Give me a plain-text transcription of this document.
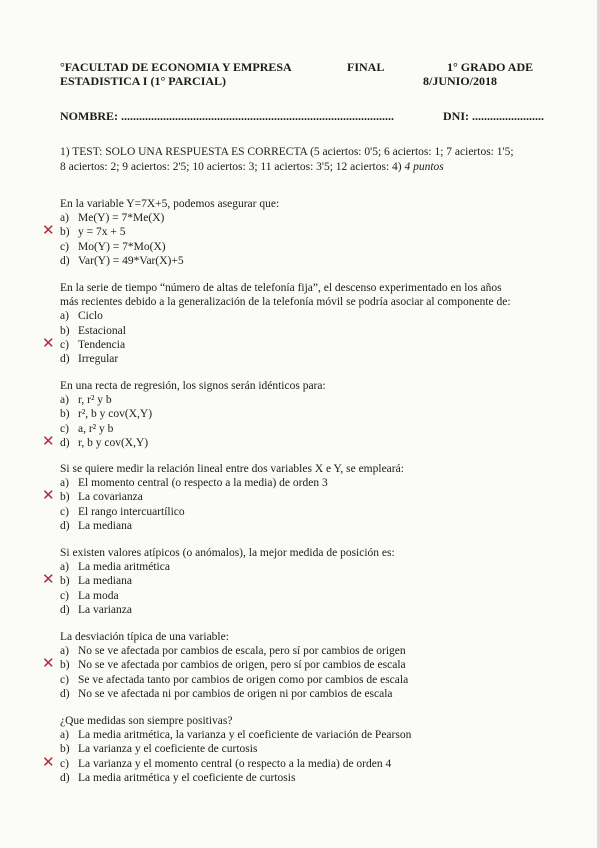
°FACULTAD DE ECONOMIA Y EMPRESA	FINAL	1° GRADO ADE
ESTADISTICA I (1° PARCIAL)	8/JUNIO/2018
NOMBRE: ...........................................................................................	DNI: ........................
1) TEST: SOLO UNA RESPUESTA ES CORRECTA (5 aciertos: 0'5; 6 aciertos: 1; 7 aciertos: 1'5;
8 aciertos: 2; 9 aciertos: 2'5; 10 aciertos: 3; 11 aciertos: 3'5; 12 aciertos: 4) 4 puntos
En la variable Y=7X+5, podemos asegurar que:
a) Me(Y) = 7*Me(X)
✕ b) y = 7x + 5
c) Mo(Y) = 7*Mo(X)
d) Var(Y) = 49*Var(X)+5
En la serie de tiempo “número de altas de telefonía fija”, el descenso experimentado en los años
más recientes debido a la generalización de la telefonía móvil se podría asociar al componente de:
a) Ciclo
b) Estacional
✕ c) Tendencia
d) Irregular
En una recta de regresión, los signos serán idénticos para:
a) r, r² y b
b) r², b y cov(X,Y)
c) a, r² y b
✕ d) r, b y cov(X,Y)
Si se quiere medir la relación lineal entre dos variables X e Y, se empleará:
a) El momento central (o respecto a la media) de orden 3
✕ b) La covarianza
c) El rango intercuartílico
d) La mediana
Si existen valores atípicos (o anómalos), la mejor medida de posición es:
a) La media aritmética
✕ b) La mediana
c) La moda
d) La varianza
La desviación típica de una variable:
a) No se ve afectada por cambios de escala, pero sí por cambios de origen
✕ b) No se ve afectada por cambios de origen, pero sí por cambios de escala
c) Se ve afectada tanto por cambios de origen como por cambios de escala
d) No se ve afectada ni por cambios de origen ni por cambios de escala
¿Que medidas son siempre positivas?
a) La media aritmética, la varianza y el coeficiente de variación de Pearson
b) La varianza y el coeficiente de curtosis
✕ c) La varianza y el momento central (o respecto a la media) de orden 4
d) La media aritmética y el coeficiente de curtosis
